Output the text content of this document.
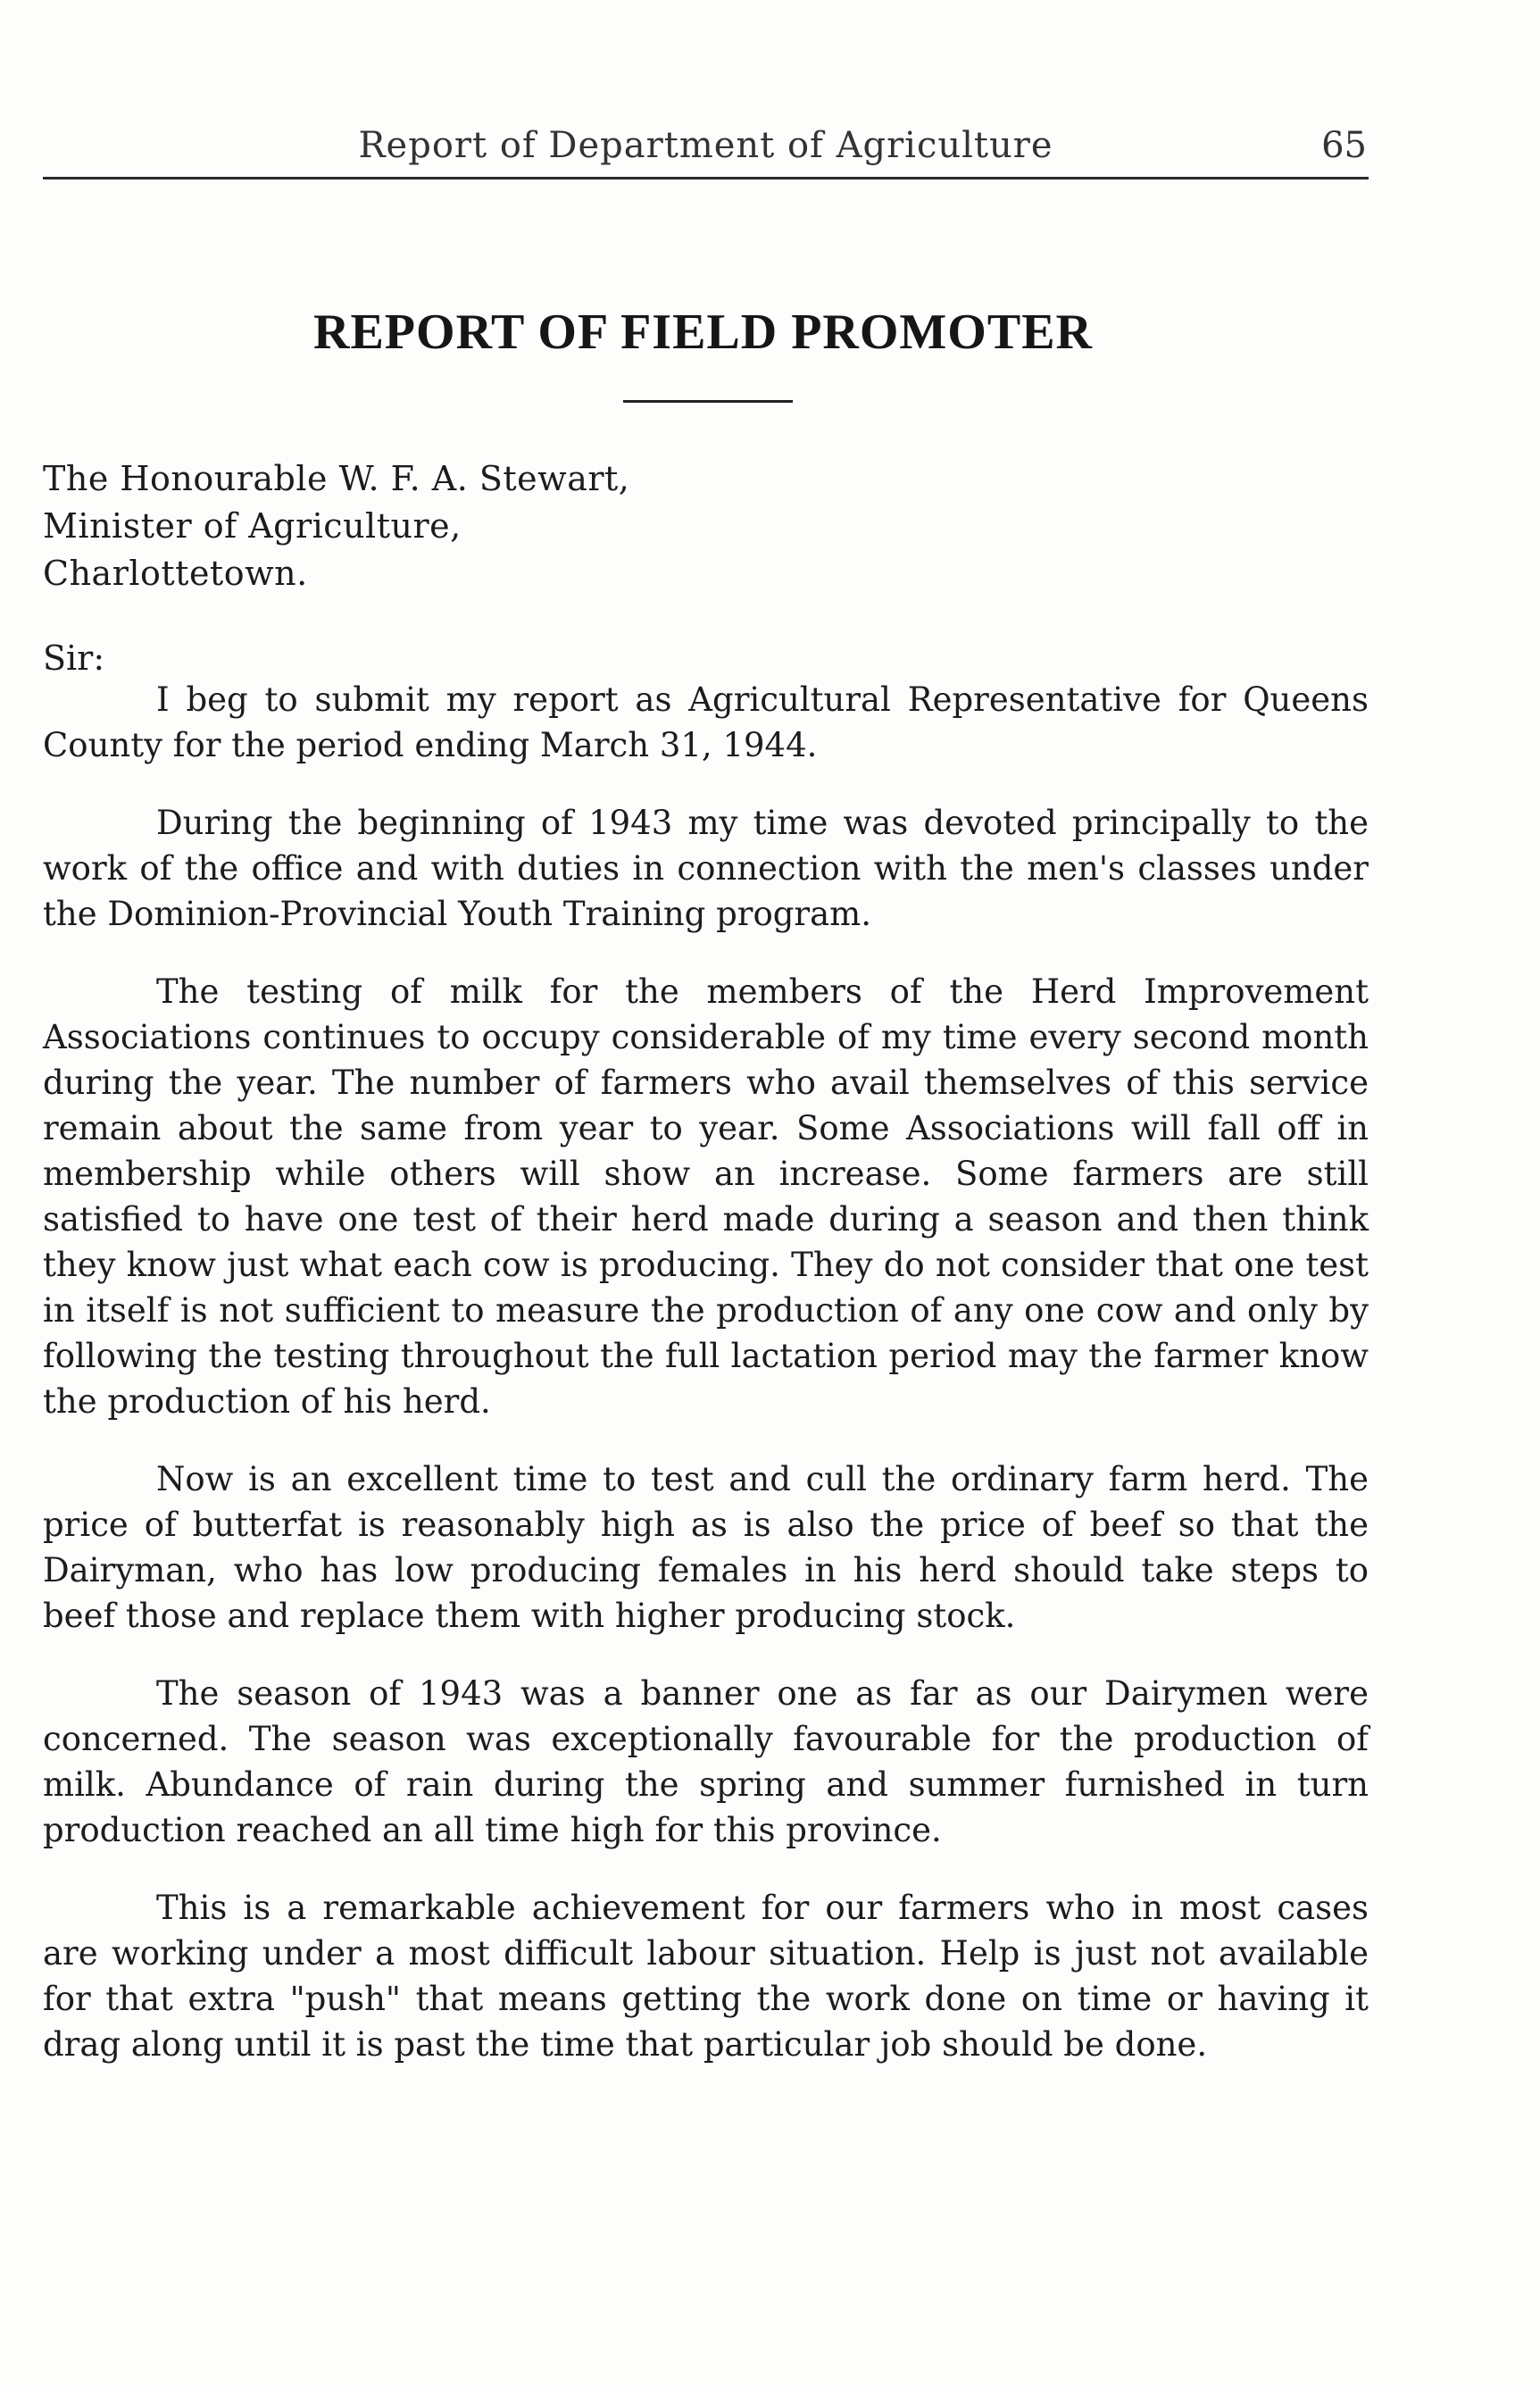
Report of Department of Agriculture	65
REPORT OF FIELD PROMOTER
The Honourable W. F. A. Stewart,
Minister of Agriculture,
Charlottetown.
Sir:

I beg to submit my report as Agricultural Representative for Queens County for the period ending March 31, 1944.

During the beginning of 1943 my time was devoted principally to the work of the office and with duties in connection with the men's classes under the Dominion-Provincial Youth Training program.

The testing of milk for the members of the Herd Improvement Associations continues to occupy considerable of my time every second month during the year. The number of farmers who avail themselves of this service remain about the same from year to year. Some Associations will fall off in membership while others will show an increase. Some farmers are still satisfied to have one test of their herd made during a season and then think they know just what each cow is producing. They do not consider that one test in itself is not sufficient to measure the production of any one cow and only by following the testing throughout the full lactation period may the farmer know the production of his herd.

Now is an excellent time to test and cull the ordinary farm herd. The price of butterfat is reasonably high as is also the price of beef so that the Dairyman, who has low producing females in his herd should take steps to beef those and replace them with higher producing stock.

The season of 1943 was a banner one as far as our Dairymen were concerned. The season was exceptionally favourable for the production of milk. Abundance of rain during the spring and summer furnished in turn production reached an all time high for this province.

This is a remarkable achievement for our farmers who in most cases are working under a most difficult labour situation. Help is just not available for that extra "push" that means getting the work done on time or having it drag along until it is past the time that particular job should be done.
